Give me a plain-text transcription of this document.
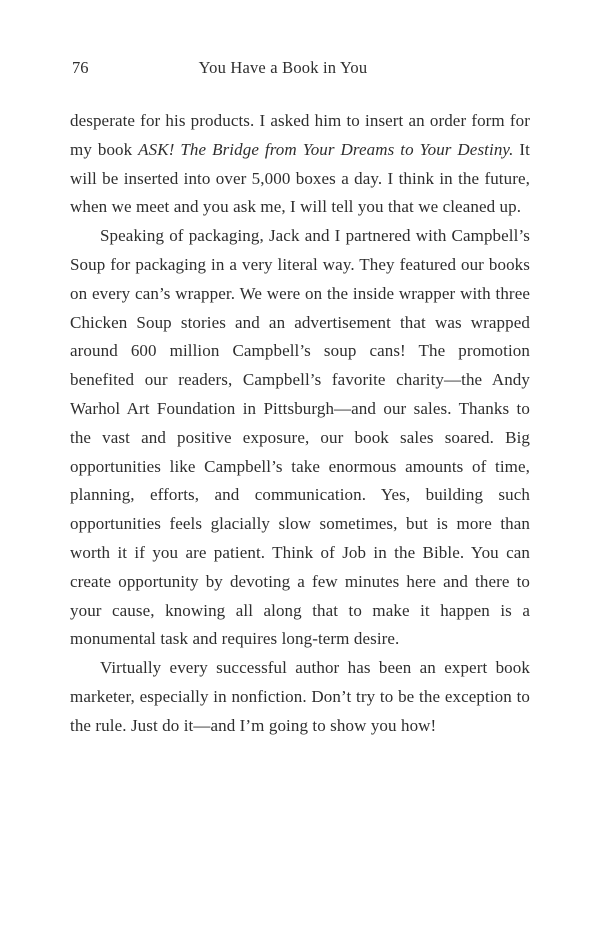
76	You Have a Book in You

desperate for his products. I asked him to insert an order form for my book ASK! The Bridge from Your Dreams to Your Destiny. It will be inserted into over 5,000 boxes a day. I think in the future, when we meet and you ask me, I will tell you that we cleaned up.

Speaking of packaging, Jack and I partnered with Campbell’s Soup for packaging in a very literal way. They featured our books on every can’s wrapper. We were on the inside wrapper with three Chicken Soup stories and an advertisement that was wrapped around 600 million Campbell’s soup cans! The promotion benefited our readers, Campbell’s favorite charity—the Andy Warhol Art Foundation in Pittsburgh—and our sales. Thanks to the vast and positive exposure, our book sales soared. Big opportunities like Campbell’s take enormous amounts of time, planning, efforts, and communication. Yes, building such opportunities feels glacially slow sometimes, but is more than worth it if you are patient. Think of Job in the Bible. You can create opportunity by devoting a few minutes here and there to your cause, knowing all along that to make it happen is a monumental task and requires long-term desire.

Virtually every successful author has been an expert book marketer, especially in nonfiction. Don’t try to be the exception to the rule. Just do it—and I’m going to show you how!
